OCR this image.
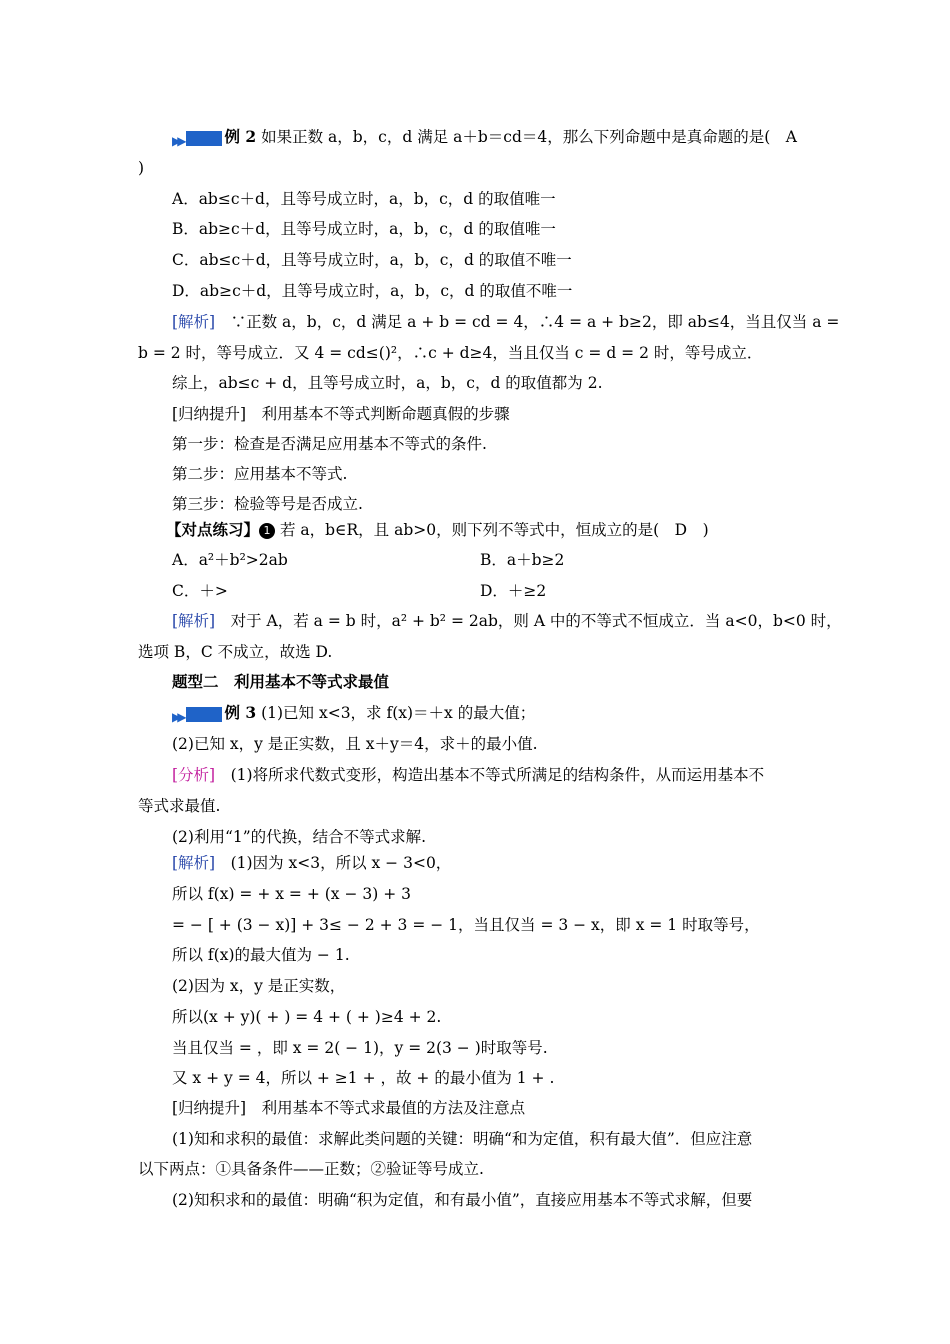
▶▶	例 2 如果正数 a，b，c，d 满足 a＋b＝cd＝4，那么下列命题中是真命题的是(　A
)
A．ab≤c＋d，且等号成立时，a，b，c，d 的取值唯一
B．ab≥c＋d，且等号成立时，a，b，c，d 的取值唯一
C．ab≤c＋d，且等号成立时，a，b，c，d 的取值不唯一
D．ab≥c＋d，且等号成立时，a，b，c，d 的取值不唯一
[解析]　∵正数 a，b，c，d 满足 a + b = cd = 4，∴4 = a + b≥2，即 ab≤4，当且仅当 a =
b = 2 时，等号成立．又 4 = cd≤()²，∴c + d≥4，当且仅当 c = d = 2 时，等号成立．
综上，ab≤c + d，且等号成立时，a，b，c，d 的取值都为 2.
[归纳提升]　利用基本不等式判断命题真假的步骤
第一步：检查是否满足应用基本不等式的条件.
第二步：应用基本不等式.
第三步：检验等号是否成立.
【对点练习】 1 若 a，b∈R，且 ab>0，则下列不等式中，恒成立的是(　D　)
A．a²＋b²>2ab	B．a＋b≥2
C．＋>	D．＋≥2
[解析]　对于 A，若 a = b 时，a² + b² = 2ab，则 A 中的不等式不恒成立．当 a<0，b<0 时，
选项 B，C 不成立，故选 D.
题型二　利用基本不等式求最值
▶▶	例 3 (1)已知 x<3，求 f(x)＝＋x 的最大值；
(2)已知 x，y 是正实数，且 x＋y＝4，求＋的最小值.
[分析]　(1)将所求代数式变形，构造出基本不等式所满足的结构条件，从而运用基本不
等式求最值.
(2)利用“1”的代换，结合不等式求解.
[解析]　(1)因为 x<3，所以 x − 3<0，
所以 f(x) = + x = + (x − 3) + 3
= − [ + (3 − x)] + 3≤ − 2 + 3 = − 1，当且仅当 = 3 − x，即 x = 1 时取等号，
所以 f(x)的最大值为 − 1.
(2)因为 x，y 是正实数，
所以(x + y)( + ) = 4 + ( + )≥4 + 2.
当且仅当 = ，即 x = 2( − 1)，y = 2(3 − )时取等号.
又 x + y = 4，所以 + ≥1 + ，故 + 的最小值为 1 + .
[归纳提升]　利用基本不等式求最值的方法及注意点
(1)知和求积的最值：求解此类问题的关键：明确“和为定值，积有最大值”．但应注意
以下两点：①具备条件——正数；②验证等号成立.
(2)知积求和的最值：明确“积为定值，和有最小值”，直接应用基本不等式求解，但要
